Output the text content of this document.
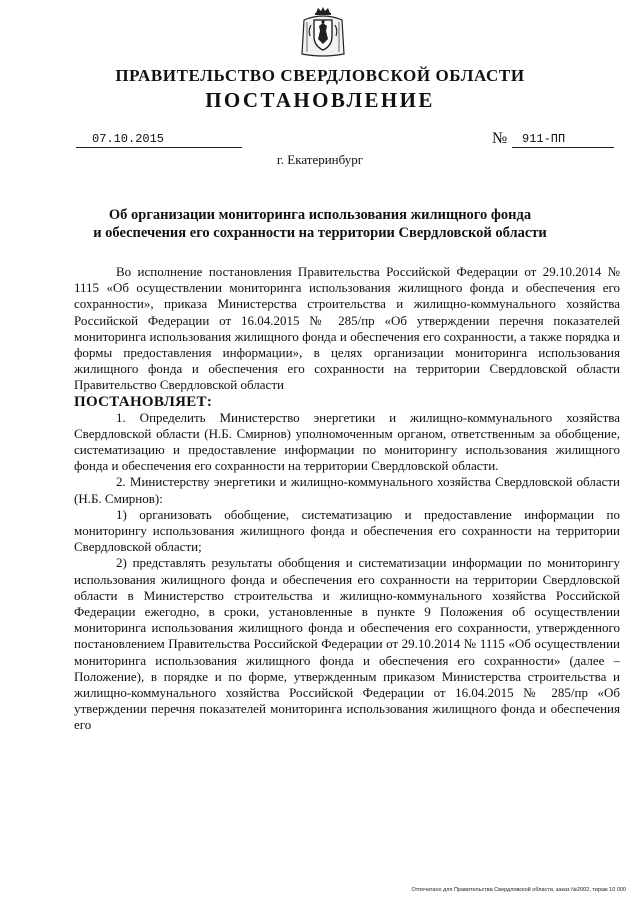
ПРАВИТЕЛЬСТВО СВЕРДЛОВСКОЙ ОБЛАСТИ
ПОСТАНОВЛЕНИЕ
07.10.2015	№	911-ПП
г. Екатеринбург
Об организации мониторинга использования жилищного фонда
и обеспечения его сохранности на территории Свердловской области

Во исполнение постановления Правительства Российской Федерации от 29.10.2014 № 1115 «Об осуществлении мониторинга использования жилищного фонда и обеспечения его сохранности», приказа Министерства строительства и жилищно-коммунального хозяйства Российской Федерации от 16.04.2015 № 285/пр «Об утверждении перечня показателей мониторинга использования жилищного фонда и обеспечения его сохранности, а также порядка и формы предоставления информации», в целях организации мониторинга использования жилищного фонда и обеспечения его сохранности на территории Свердловской области Правительство Свердловской области

ПОСТАНОВЛЯЕТ:

1. Определить Министерство энергетики и жилищно-коммунального хозяйства Свердловской области (Н.Б. Смирнов) уполномоченным органом, ответственным за обобщение, систематизацию и предоставление информации по мониторингу использования жилищного фонда и обеспечения его сохранности на территории Свердловской области.

2. Министерству энергетики и жилищно-коммунального хозяйства Свердловской области (Н.Б. Смирнов):

1) организовать обобщение, систематизацию и предоставление информации по мониторингу использования жилищного фонда и обеспечения его сохранности на территории Свердловской области;

2) представлять результаты обобщения и систематизации информации по мониторингу использования жилищного фонда и обеспечения его сохранности на территории Свердловской области в Министерство строительства и жилищно-коммунального хозяйства Российской Федерации ежегодно, в сроки, установленные в пункте 9 Положения об осуществлении мониторинга использования жилищного фонда и обеспечения его сохранности, утвержденного постановлением Правительства Российской Федерации от 29.10.2014 № 1115 «Об осуществлении мониторинга использования жилищного фонда и обеспечения его сохранности» (далее – Положение), в порядке и по форме, утвержденным приказом Министерства строительства и жилищно-коммунального хозяйства Российской Федерации от 16.04.2015 № 285/пр «Об утверждении перечня показателей мониторинга использования жилищного фонда и обеспечения его

Отпечатано для Правительства Свердловской области, заказ №2002, тираж 10 000
